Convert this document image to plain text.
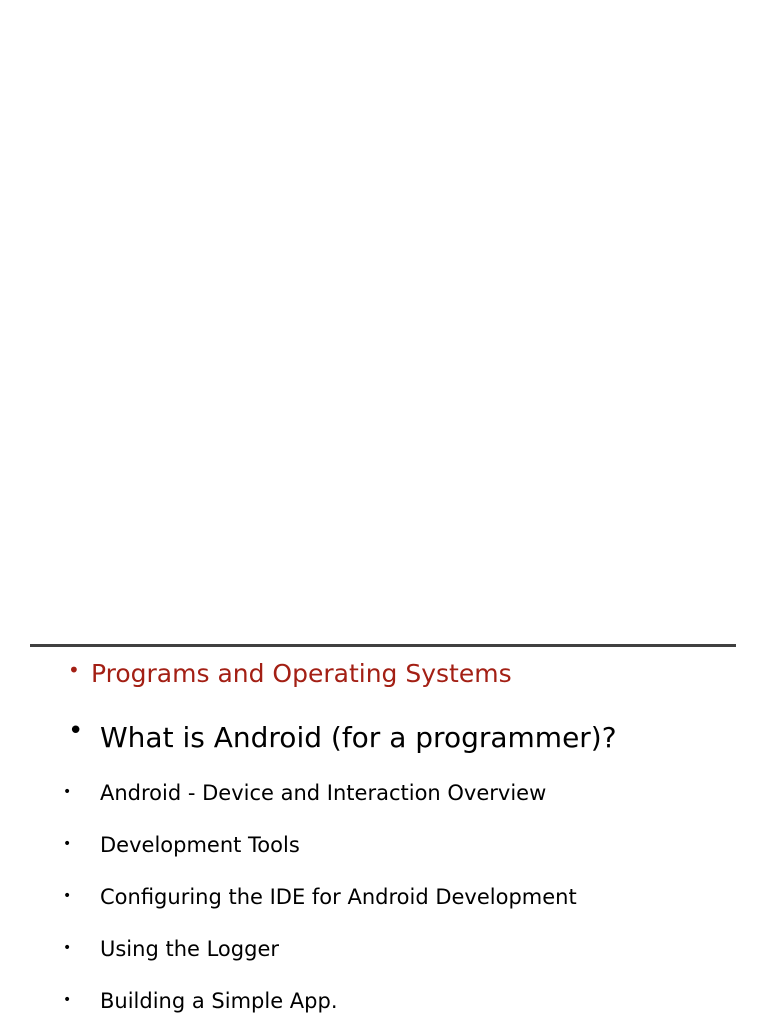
• Programs and Operating Systems
• What is Android (for a programmer)?
• Android - Device and Interaction Overview
• Development Tools
• Configuring the IDE for Android Development
• Using the Logger
• Building a Simple App.
